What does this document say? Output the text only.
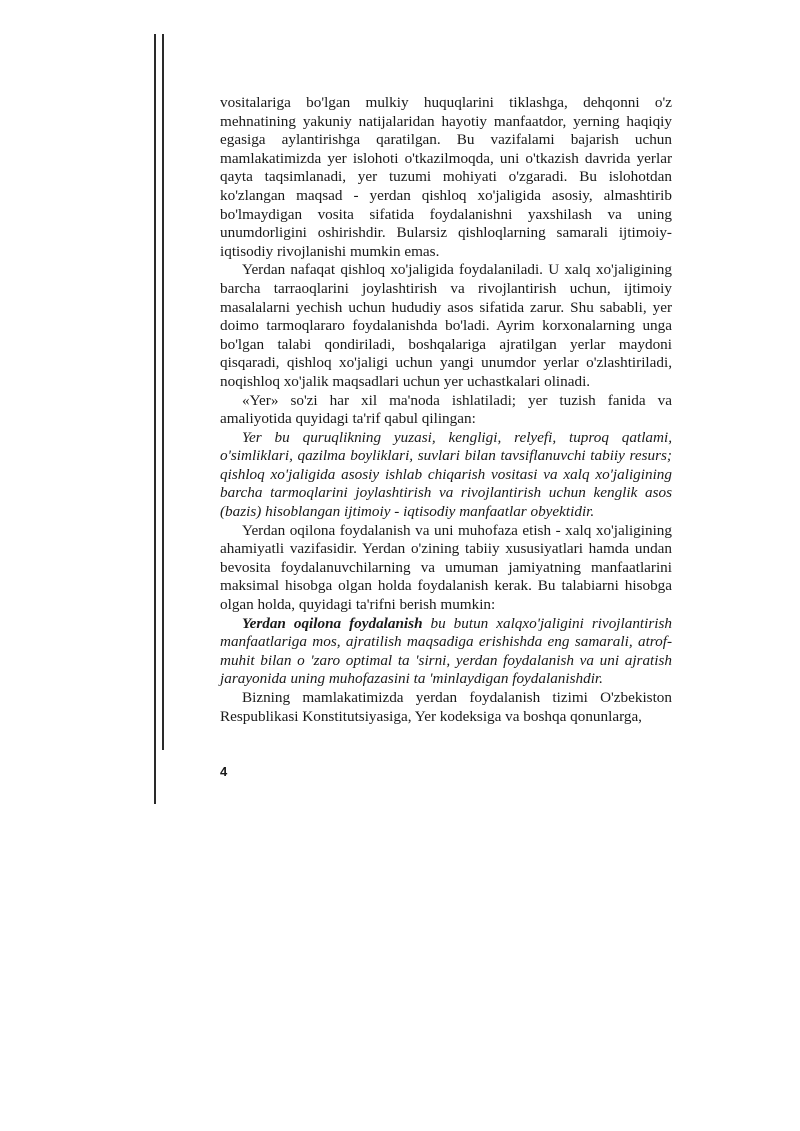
vositalariga bo'lgan mulkiy huquqlarini tiklashga, dehqonni o'z mehnatining yakuniy natijalaridan hayotiy manfaatdor, yerning haqiqiy egasiga aylantirishga qaratilgan. Bu vazifalami bajarish uchun mamlakatimizda yer islohoti o'tkazilmoqda, uni o'tkazish davrida yerlar qayta taqsimlanadi, yer tuzumi mohiyati o'zgaradi. Bu islohotdan ko'zlangan maqsad - yerdan qishloq xo'jaligida asosiy, almashtirib bo'lmaydigan vosita sifatida foydalanishni yaxshilash va uning unumdorligini oshirishdir. Bularsiz qishloqlarning samarali ijtimoiy-iqtisodiy rivojlanishi mumkin emas.

Yerdan nafaqat qishloq xo'jaligida foydalaniladi. U xalq xo'jaligining barcha tarraoqlarini joylashtirish va rivojlantirish uchun, ijtimoiy masalalarni yechish uchun hududiy asos sifatida zarur. Shu sababli, yer doimo tarmoqlararo foydalanishda bo'ladi. Ayrim korxonalarning unga bo'lgan talabi qondiriladi, boshqalariga ajratilgan yerlar maydoni qisqaradi, qishloq xo'jaligi uchun yangi unumdor yerlar o'zlashtiriladi, noqishloq xo'jalik maqsadlari uchun yer uchastkalari olinadi.

«Yer» so'zi har xil ma'noda ishlatiladi; yer tuzish fanida va amaliyotida quyidagi ta'rif qabul qilingan:

Yer bu quruqlikning yuzasi, kengligi, relyefi, tuproq qatlami, o'simliklari, qazilma boyliklari, suvlari bilan tavsiflanuvchi tabiiy resurs; qishloq xo'jaligida asosiy ishlab chiqarish vositasi va xalq xo'jaligining barcha tarmoqlarini joylashtirish va rivojlantirish uchun kenglik asos (bazis) hisoblangan ijtimoiy - iqtisodiy manfaatlar obyektidir.

Yerdan oqilona foydalanish va uni muhofaza etish - xalq xo'jaligining ahamiyatli vazifasidir. Yerdan o'zining tabiiy xususiyatlari hamda undan bevosita foydalanuvchilarning va umuman jamiyatning manfaatlarini maksimal hisobga olgan holda foydalanish kerak. Bu talabiarni hisobga olgan holda, quyidagi ta'rifni berish mumkin:

Yerdan oqilona foydalanish bu butun xalqxo'jaligini rivojlantirish manfaatlariga mos, ajratilish maqsadiga erishishda eng samarali, atrof-muhit bilan o 'zaro optimal ta 'sirni, yerdan foydalanish va uni ajratish jarayonida uning muhofazasini ta 'minlaydigan foydalanishdir.

Bizning mamlakatimizda yerdan foydalanish tizimi O'zbekiston Respublikasi Konstitutsiyasiga, Yer kodeksiga va boshqa qonunlarga,

4
